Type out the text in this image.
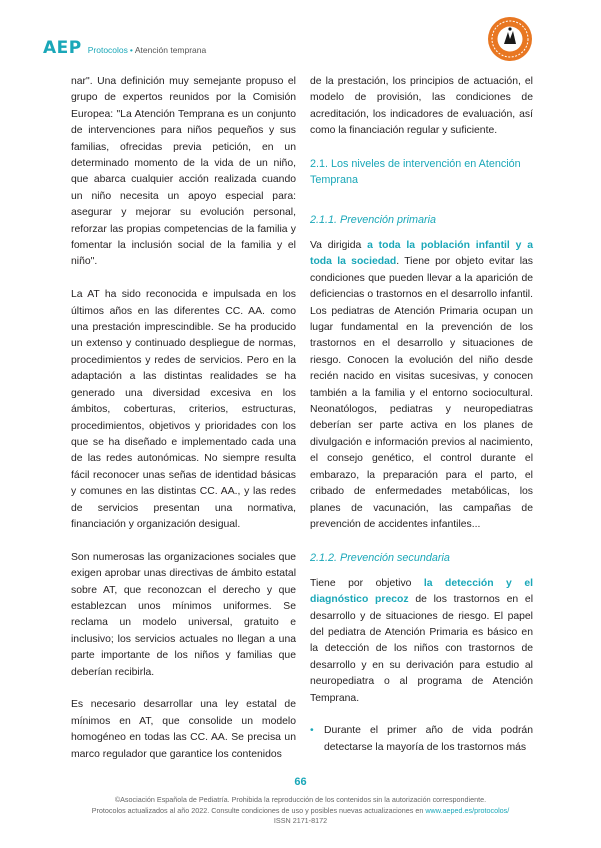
AEP Protocolos • Atención temprana

nar". Una definición muy semejante propuso el grupo de expertos reunidos por la Comisión Europea: "La Atención Temprana es un conjunto de intervenciones para niños pequeños y sus familias, ofrecidas previa petición, en un determinado momento de la vida de un niño, que abarca cualquier acción realizada cuando un niño necesita un apoyo especial para: asegurar y mejorar su evolución personal, reforzar las propias competencias de la familia y fomentar la inclusión social de la familia y el niño".

La AT ha sido reconocida e impulsada en los últimos años en las diferentes CC. AA. como una prestación imprescindible. Se ha producido un extenso y continuado despliegue de normas, procedimientos y redes de servicios. Pero en la adaptación a las distintas realidades se ha generado una diversidad excesiva en los ámbitos, coberturas, criterios, estructuras, procedimientos, objetivos y prioridades con los que se ha diseñado e implementado cada una de las redes autonómicas. No siempre resulta fácil reconocer unas señas de identidad básicas y comunes en las distintas CC. AA., y las redes de servicios presentan una normativa, financiación y organización desigual.

Son numerosas las organizaciones sociales que exigen aprobar unas directivas de ámbito estatal sobre AT, que reconozcan el derecho y que establezcan unos mínimos uniformes. Se reclama un modelo universal, gratuito e inclusivo; los servicios actuales no llegan a una parte importante de los niños y familias que deberían recibirla.

Es necesario desarrollar una ley estatal de mínimos en AT, que consolide un modelo homogéneo en todas las CC. AA. Se precisa un marco regulador que garantice los contenidos

de la prestación, los principios de actuación, el modelo de provisión, las condiciones de acreditación, los indicadores de evaluación, así como la financiación regular y suficiente.

2.1. Los niveles de intervención en Atención Temprana
2.1.1. Prevención primaria

Va dirigida a toda la población infantil y a toda la sociedad. Tiene por objeto evitar las condiciones que pueden llevar a la aparición de deficiencias o trastornos en el desarrollo infantil. Los pediatras de Atención Primaria ocupan un lugar fundamental en la prevención de los trastornos en el desarrollo y situaciones de riesgo. Conocen la evolución del niño desde recién nacido en visitas sucesivas, y conocen también a la familia y el entorno sociocultural. Neonatólogos, pediatras y neuropediatras deberían ser parte activa en los planes de divulgación e información previos al nacimiento, el consejo genético, el control durante el embarazo, la preparación para el parto, el cribado de enfermedades metabólicas, los planes de vacunación, las campañas de prevención de accidentes infantiles...

2.1.2. Prevención secundaria

Tiene por objetivo la detección y el diagnóstico precoz de los trastornos en el desarrollo y de situaciones de riesgo. El papel del pediatra de Atención Primaria es básico en la detección de los niños con trastornos de desarrollo y en su derivación para estudio al neuropediatra o al programa de Atención Temprana.

• Durante el primer año de vida podrán detectarse la mayoría de los trastornos más
66
©Asociación Española de Pediatría. Prohibida la reproducción de los contenidos sin la autorización correspondiente.
Protocolos actualizados al año 2022. Consulte condiciones de uso y posibles nuevas actualizaciones en www.aeped.es/protocolos/
ISSN 2171-8172
